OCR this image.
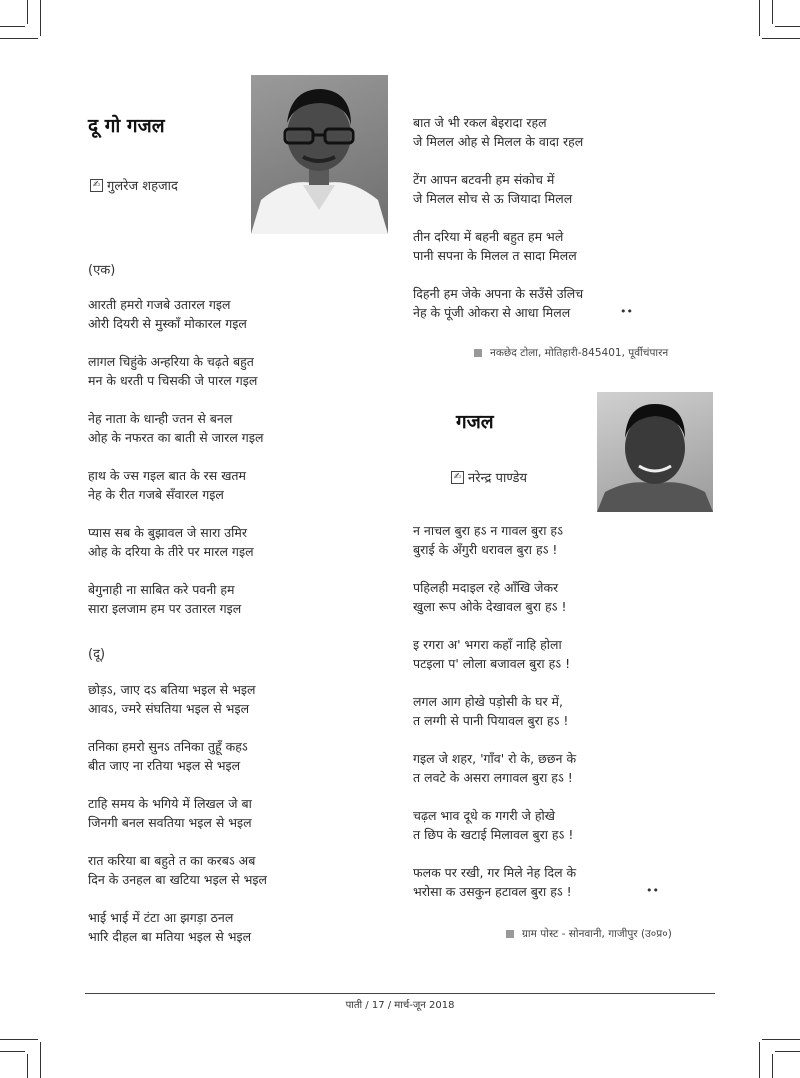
दू गो गजल
✍ गुलरेज शहजाद
(एक)
आरती हमरो गजबे उतारल गइल
ओरी दियरी से मुस्कॉं मोकारल गइल
लागल चिहुंके अन्हरिया के चढ़ते बहुत
मन के धरती प चिसकी जे पारल गइल
नेह नाता के धान्ही ज्तन से बनल
ओह के नफरत का बाती से जारल गइल
हाथ के ज्स गइल बात के रस खतम
नेह के रीत गजबे सँवारल गइल
प्यास सब के बुझावल जे सारा उमिर
ओह के दरिया के तीरे पर मारल गइल
बेगुनाही ना साबित करे पवनी हम
सारा इलजाम हम पर उतारल गइल
(दू)
छोड़ऽ, जाए दऽ बतिया भइल से भइल
आवऽ, ज्मरे संघतिया भइल से भइल
तनिका हमरो सुनऽ तनिका तुहूँ कहऽ
बीत जाए ना रतिया भइल से भइल
टाहि समय के भगिये में लिखल जे बा
जिनगी बनल सवतिया भइल से भइल
रात करिया बा बहुते त का करबऽ अब
दिन के उनहल बा खटिया भइल से भइल
भाई भाई में टंटा आ झगड़ा ठनल
भारि दीहल बा मतिया भइल से भइल
बात जे भी रकल बेइरादा रहल
जे मिलल ओह से मिलल के वादा रहल
टेंग आपन बटवनी हम संकोच में
जे मिलल सोच से ऊ जियादा मिलल
तीन दरिया में बहनी बहुत हम भले
पानी सपना के मिलल त सादा मिलल
दिहनी हम जेके अपना के सउँसे उलिच
नेह के पूंजी ओकरा से आधा मिलल	••
नकछेद टोला, मोतिहारी-845401, पूर्वीचंपारन
गजल
✍ नरेन्द्र पाण्डेय
न नाचल बुरा हऽ न गावल बुरा हऽ
बुराई के अँगुरी धरावल बुरा हऽ !
पहिलही मदाइल रहे आँखि जेकर
खुला रूप ओके देखावल बुरा हऽ !
इ रगरा अ' भगरा कहाँ नाहि होला
पटइला प' लोला बजावल बुरा हऽ !
लगल आग होखे पड़ोसी के घर में,
त लग्गी से पानी पियावल बुरा हऽ !
गइल जे शहर, 'गाँव' रो के, छछन के
त लवटे के असरा लगावल बुरा हऽ !
चढ़ल भाव दूधे क गगरी जे होखे
त छिप के खटाई मिलावल बुरा हऽ !
फलक पर रखी, गर मिले नेह दिल के
भरोसा क उसकुन हटावल बुरा हऽ !	••
ग्राम पोस्ट - सोनवानी, गाजीपुर (उ०प्र०)
पाती / 17 / मार्च-जून 2018
